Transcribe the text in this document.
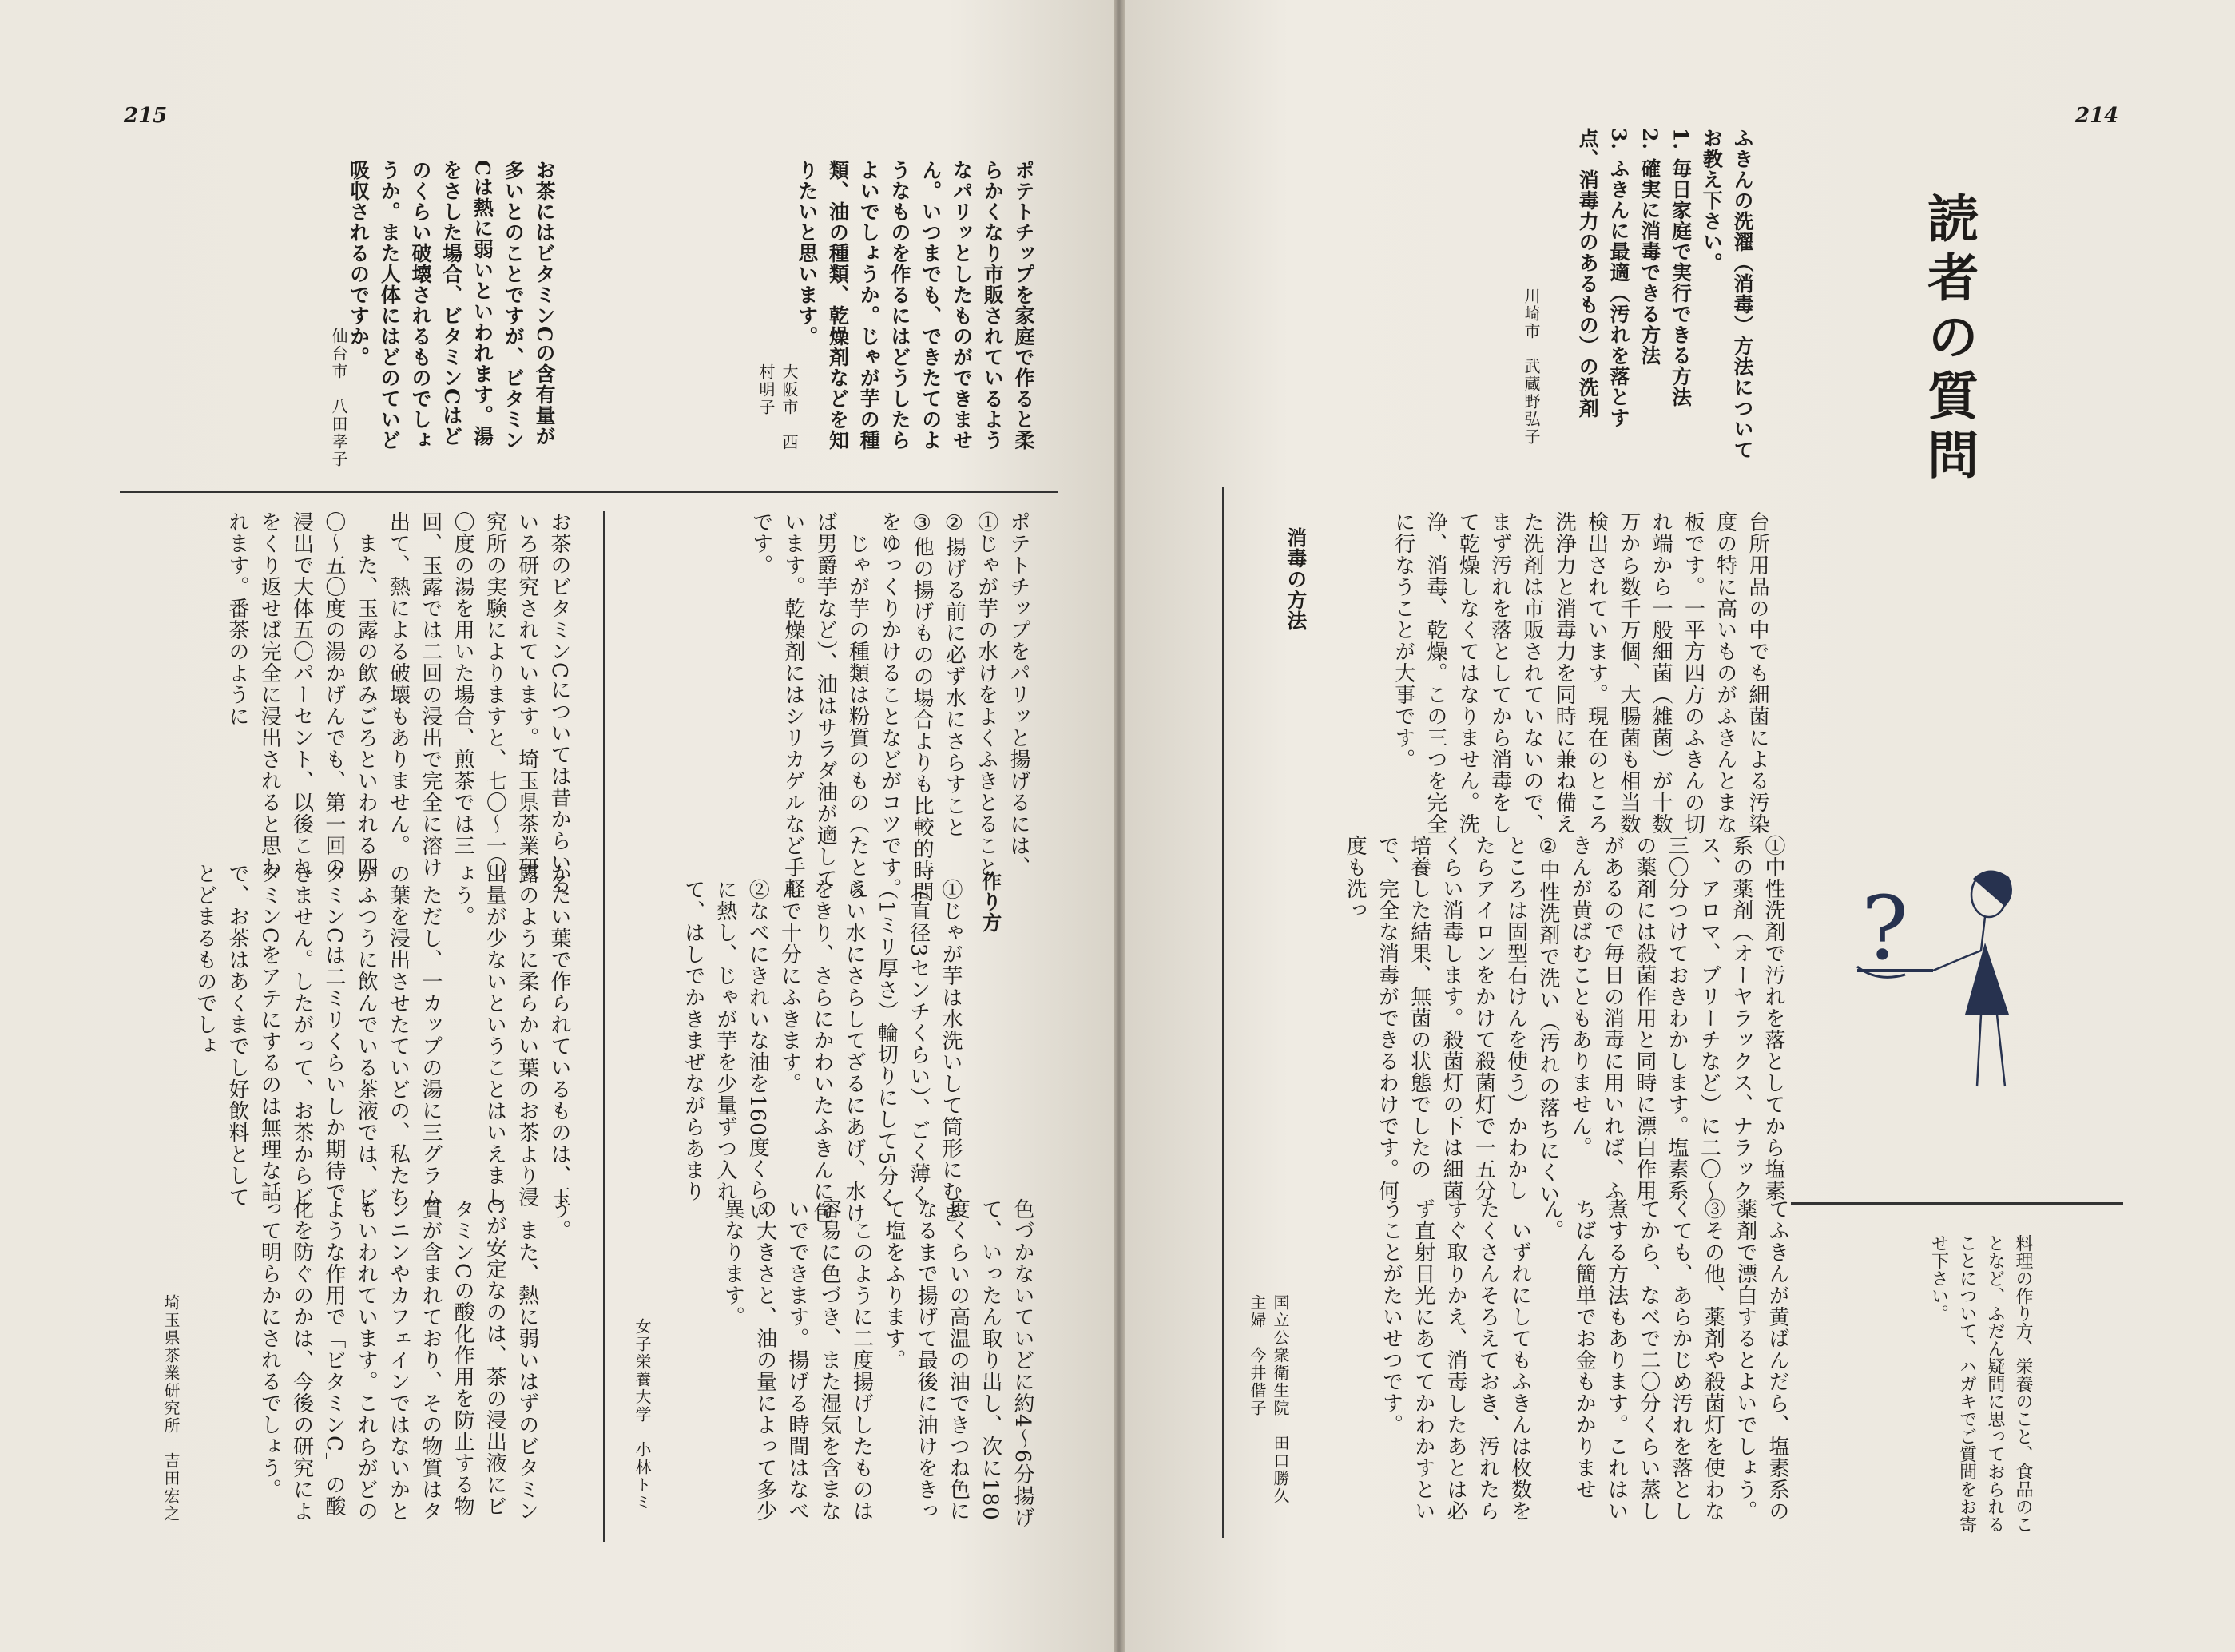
215	214
読者の質問
?
料理の作り方、栄養のこと、食品のことなど、ふだん疑問に思っておられることについて、ハガキでご質問をお寄せ下さい。
ふきんの洗濯（消毒）方法についてお教え下さい。
1. 毎日家庭で実行できる方法
2. 確実に消毒できる方法
3. ふきんに最適（汚れを落とす点、消毒力のあるもの）の洗剤
川崎市　武蔵野弘子
台所用品の中でも細菌による汚染度の特に高いものがふきんとまな板です。一平方四方のふきんの切れ端から一般細菌（雑菌）が十数万から数千万個、大腸菌も相当数検出されています。現在のところ洗浄力と消毒力を同時に兼ね備えた洗剤は市販されていないので、まず汚れを落としてから消毒をして乾燥しなくてはなりません。洗浄、消毒、乾燥。この三つを完全に行なうことが大事です。
消毒の方法
①中性洗剤で汚れを落としてから塩素系の薬剤（オーヤラックス、ナラックス、アロマ、ブリーチなど）に二〇〜三〇分つけておきわかします。塩素系の薬剤には殺菌作用と同時に漂白作用があるので毎日の消毒に用いれば、ふきんが黄ばむこともありません。
②中性洗剤で洗い（汚れの落ちにくいところは固型石けんを使う）かわかしたらアイロンをかけて殺菌灯で一五分くらい消毒します。殺菌灯の下は細菌培養した結果、無菌の状態でしたので、完全な消毒ができるわけです。何度も洗っ
てふきんが黄ばんだら、塩素系の薬剤で漂白するとよいでしょう。
③その他、薬剤や殺菌灯を使わなくても、あらかじめ汚れを落としてから、なべで二〇分くらい蒸し煮する方法もあります。これはいちばん簡単でお金もかかりません。
　いずれにしてもふきんは枚数をたくさんそろえておき、汚れたらすぐ取りかえ、消毒したあとは必ず直射日光にあててかわかすということがたいせつです。
国立公衆衛生院　田口勝久
主婦　今井偕子
ポテトチップを家庭で作ると柔らかくなり市販されているようなパリッとしたものができません。いつまでも、できたてのようなものを作るにはどうしたらよいでしょうか。じゃが芋の種類、油の種類、乾燥剤などを知りたいと思います。
大阪市　西村明子
お茶にはビタミンCの含有量が多いとのことですが、ビタミンCは熱に弱いといわれます。湯をさした場合、ビタミンCはどのくらい破壊されるものでしょうか。また人体にはどのていど吸収されるのですか。
仙台市　八田孝子
ポテトチップをパリッと揚げるには、
①じゃが芋の水けをよくふきとること
②揚げる前に必ず水にさらすこと
③他の揚げものの場合よりも比較的時間をゆっくりかけることなどがコツです。
　じゃが芋の種類は粉質のもの（たとえば男爵芋など）、油はサラダ油が適しています。乾燥剤にはシリカゲルなど手軽です。
作り方
①じゃが芋は水洗いして筒形にむき（直径3センチくらい）、ごく薄く（1ミリ厚さ）輪切りにして5分くらい水にさらしてざるにあげ、水けをきり、さらにかわいたふきんに包んで十分にふきます。
②なべにきれいな油を160度くらいに熱し、じゃが芋を少量ずつ入れて、はしでかきまぜながらあまり
色づかないていどに約4〜6分揚げて、いったん取り出し、次に180度くらいの高温の油できつね色になるまで揚げて最後に油けをきって塩をふります。
　このように二度揚げしたものは容易に色づき、また湿気を含まないでできます。揚げる時間はなべの大きさと、油の量によって多少異なります。
女子栄養大学　小林トミ
お茶のビタミンCについては昔からいろいろ研究されています。埼玉県茶業研究所の実験によりますと、七〇〜一〇〇度の湯を用いた場合、煎茶では三回、玉露では二回の浸出で完全に溶け出て、熱による破壊もありません。
　また、玉露の飲みごろといわれる四〇〜五〇度の湯かげんでも、第一回の浸出で大体五〇パーセント、以後これをくり返せば完全に浸出されると思われます。番茶のように
かたい葉で作られているものは、玉露のように柔らかい葉のお茶より浸出量が少ないということはいえましょう。
　ただし、一カップの湯に三グラムの葉を浸出させたていどの、私たちがふつうに飲んでいる茶液では、ビタミンCは二ミリくらいしか期待できません。したがって、お茶からビタミンCをアテにするのは無理な話で、お茶はあくまでし好飲料としてとどまるものでしょ
う。
　また、熱に弱いはずのビタミンCが安定なのは、茶の浸出液にビタミンCの酸化作用を防止する物質が含まれており、その物質はタンニンやカフェインではないかともいわれています。これらがどのような作用で「ビタミンC」の酸化を防ぐのかは、今後の研究によって明らかにされるでしょう。
埼玉県茶業研究所　吉田宏之
